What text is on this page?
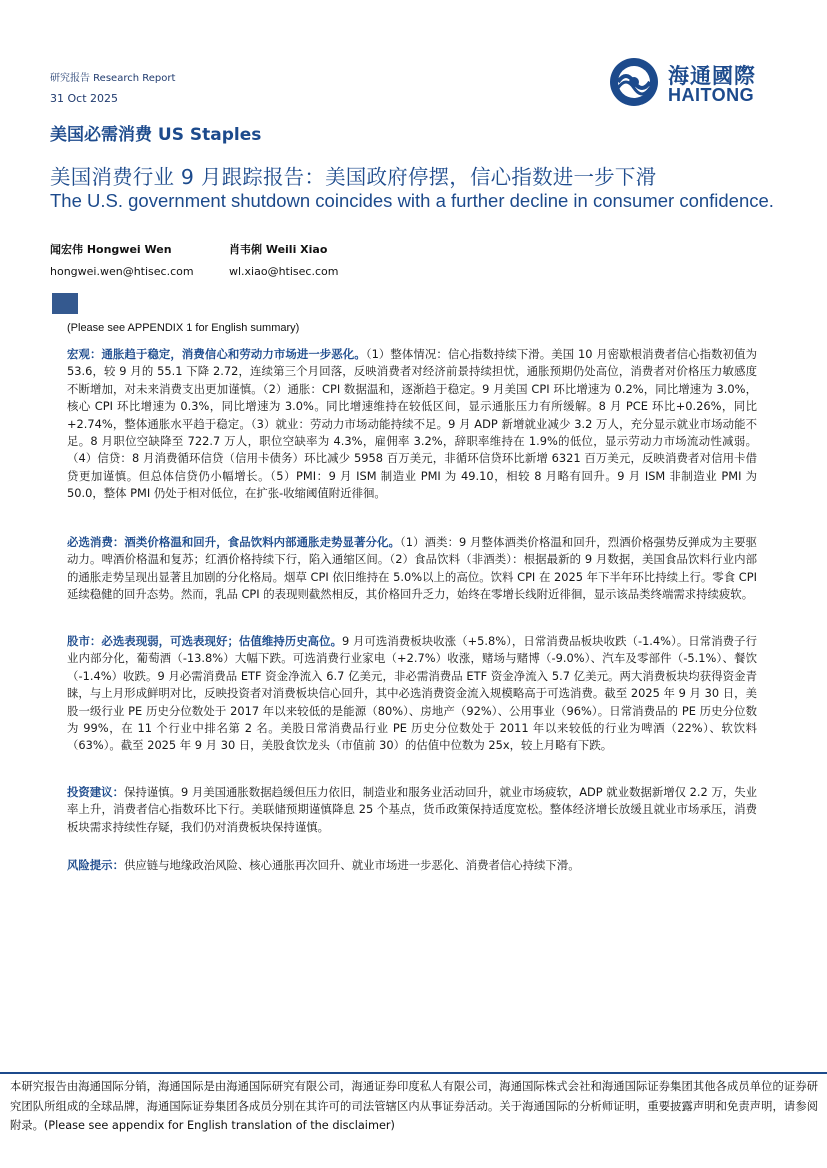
研究报告 Research Report
31 Oct 2025
海通國際
HAITONG
美国必需消费 US Staples
美国消费行业 9 月跟踪报告：美国政府停摆，信心指数进一步下滑
The U.S. government shutdown coincides with a further decline in consumer confidence.
闻宏伟 Hongwei Wen
hongwei.wen@htisec.com
肖韦俐 Weili Xiao
wl.xiao@htisec.com
(Please see APPENDIX 1 for English summary)
宏观：通胀趋于稳定，消费信心和劳动力市场进一步恶化。（1）整体情况：信心指数持续下滑。美国 10 月密歇根消费者信心指数初值为 53.6，较 9 月的 55.1 下降 2.72，连续第三个月回落，反映消费者对经济前景持续担忧，通胀预期仍处高位，消费者对价格压力敏感度不断增加，对未来消费支出更加谨慎。（2）通胀：CPI 数据温和，逐渐趋于稳定。9 月美国 CPI 环比增速为 0.2%，同比增速为 3.0%，核心 CPI 环比增速为 0.3%，同比增速为 3.0%。同比增速维持在较低区间，显示通胀压力有所缓解。8 月 PCE 环比+0.26%，同比+2.74%，整体通胀水平趋于稳定。（3）就业：劳动力市场动能持续不足。9 月 ADP 新增就业减少 3.2 万人，充分显示就业市场动能不足。8 月职位空缺降至 722.7 万人，职位空缺率为 4.3%，雇佣率 3.2%，辞职率维持在 1.9%的低位，显示劳动力市场流动性减弱。（4）信贷：8 月消费循环信贷（信用卡债务）环比减少 5958 百万美元，非循环信贷环比新增 6321 百万美元，反映消费者对信用卡借贷更加谨慎。但总体信贷仍小幅增长。（5）PMI：9 月 ISM 制造业 PMI 为 49.10，相较 8 月略有回升。9 月 ISM 非制造业 PMI 为 50.0，整体 PMI 仍处于相对低位，在扩张-收缩阈值附近徘徊。
必选消费：酒类价格温和回升，食品饮料内部通胀走势显著分化。（1）酒类：9 月整体酒类价格温和回升，烈酒价格强势反弹成为主要驱动力。啤酒价格温和复苏；红酒价格持续下行，陷入通缩区间。（2）食品饮料（非酒类）：根据最新的 9 月数据，美国食品饮料行业内部的通胀走势呈现出显著且加剧的分化格局。烟草 CPI 依旧维持在 5.0%以上的高位。饮料 CPI 在 2025 年下半年环比持续上行。零食 CPI 延续稳健的回升态势。然而，乳品 CPI 的表现则截然相反，其价格回升乏力，始终在零增长线附近徘徊，显示该品类终端需求持续疲软。
股市：必选表现弱，可选表现好；估值维持历史高位。9 月可选消费板块收涨（+5.8%），日常消费品板块收跌（-1.4%）。日常消费子行业内部分化，葡萄酒（-13.8%）大幅下跌。可选消费行业家电（+2.7%）收涨，赌场与赌博（-9.0%）、汽车及零部件（-5.1%）、餐饮（-1.4%）收跌。9 月必需消费品 ETF 资金净流入 6.7 亿美元，非必需消费品 ETF 资金净流入 5.7 亿美元。两大消费板块均获得资金青睐，与上月形成鲜明对比，反映投资者对消费板块信心回升，其中必选消费资金流入规模略高于可选消费。截至 2025 年 9 月 30 日，美股一级行业 PE 历史分位数处于 2017 年以来较低的是能源（80%）、房地产（92%）、公用事业（96%）。日常消费品的 PE 历史分位数为 99%，在 11 个行业中排名第 2 名。美股日常消费品行业 PE 历史分位数处于 2011 年以来较低的行业为啤酒（22%）、软饮料（63%）。截至 2025 年 9 月 30 日，美股食饮龙头（市值前 30）的估值中位数为 25x，较上月略有下跌。
投资建议：保持谨慎。9 月美国通胀数据趋缓但压力依旧，制造业和服务业活动回升，就业市场疲软，ADP 就业数据新增仅 2.2 万，失业率上升，消费者信心指数环比下行。美联储预期谨慎降息 25 个基点，货币政策保持适度宽松。整体经济增长放缓且就业市场承压，消费板块需求持续性存疑，我们仍对消费板块保持谨慎。
风险提示：供应链与地缘政治风险、核心通胀再次回升、就业市场进一步恶化、消费者信心持续下滑。
本研究报告由海通国际分销，海通国际是由海通国际研究有限公司，海通证券印度私人有限公司，海通国际株式会社和海通国际证券集团其他各成员单位的证券研究团队所组成的全球品牌，海通国际证券集团各成员分别在其许可的司法管辖区内从事证券活动。关于海通国际的分析师证明，重要披露声明和免责声明，请参阅附录。(Please see appendix for English translation of the disclaimer)
